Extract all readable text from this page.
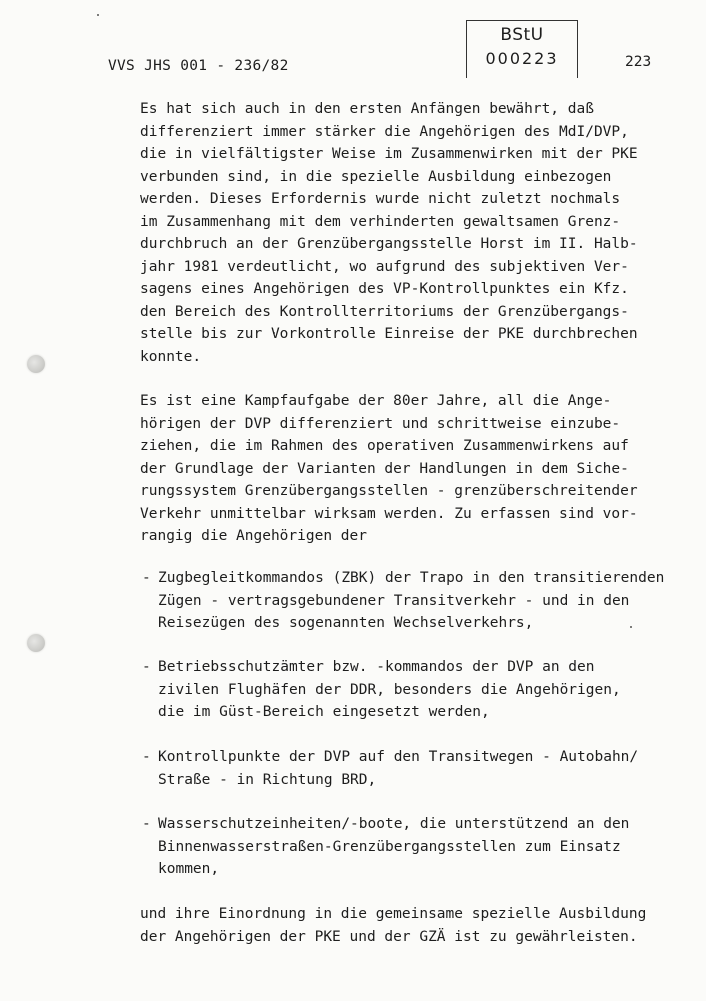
VVS JHS 001 - 236/82
BStU
000223	223
Es hat sich auch in den ersten Anfängen bewährt, daß
differenziert immer stärker die Angehörigen des MdI/DVP,
die in vielfältigster Weise im Zusammenwirken mit der PKE
verbunden sind, in die spezielle Ausbildung einbezogen
werden. Dieses Erfordernis wurde nicht zuletzt nochmals
im Zusammenhang mit dem verhinderten gewaltsamen Grenz-
durchbruch an der Grenzübergangsstelle Horst im II. Halb-
jahr 1981 verdeutlicht, wo aufgrund des subjektiven Ver-
sagens eines Angehörigen des VP-Kontrollpunktes ein Kfz.
den Bereich des Kontrollterritoriums der Grenzübergangs-
stelle bis zur Vorkontrolle Einreise der PKE durchbrechen
konnte.
Es ist eine Kampfaufgabe der 80er Jahre, all die Ange-
hörigen der DVP differenziert und schrittweise einzube-
ziehen, die im Rahmen des operativen Zusammenwirkens auf
der Grundlage der Varianten der Handlungen in dem Siche-
rungssystem Grenzübergangsstellen - grenzüberschreitender
Verkehr unmittelbar wirksam werden. Zu erfassen sind vor-
rangig die Angehörigen der
- Zugbegleitkommandos (ZBK) der Trapo in den transitierenden
Zügen - vertragsgebundener Transitverkehr - und in den
Reisezügen des sogenannten Wechselverkehrs,
- Betriebsschutzämter bzw. -kommandos der DVP an den
zivilen Flughäfen der DDR, besonders die Angehörigen,
die im Güst-Bereich eingesetzt werden,
- Kontrollpunkte der DVP auf den Transitwegen - Autobahn/
Straße - in Richtung BRD,
- Wasserschutzeinheiten/-boote, die unterstützend an den
Binnenwasserstraßen-Grenzübergangsstellen zum Einsatz
kommen,
und ihre Einordnung in die gemeinsame spezielle Ausbildung
der Angehörigen der PKE und der GZÄ ist zu gewährleisten.
